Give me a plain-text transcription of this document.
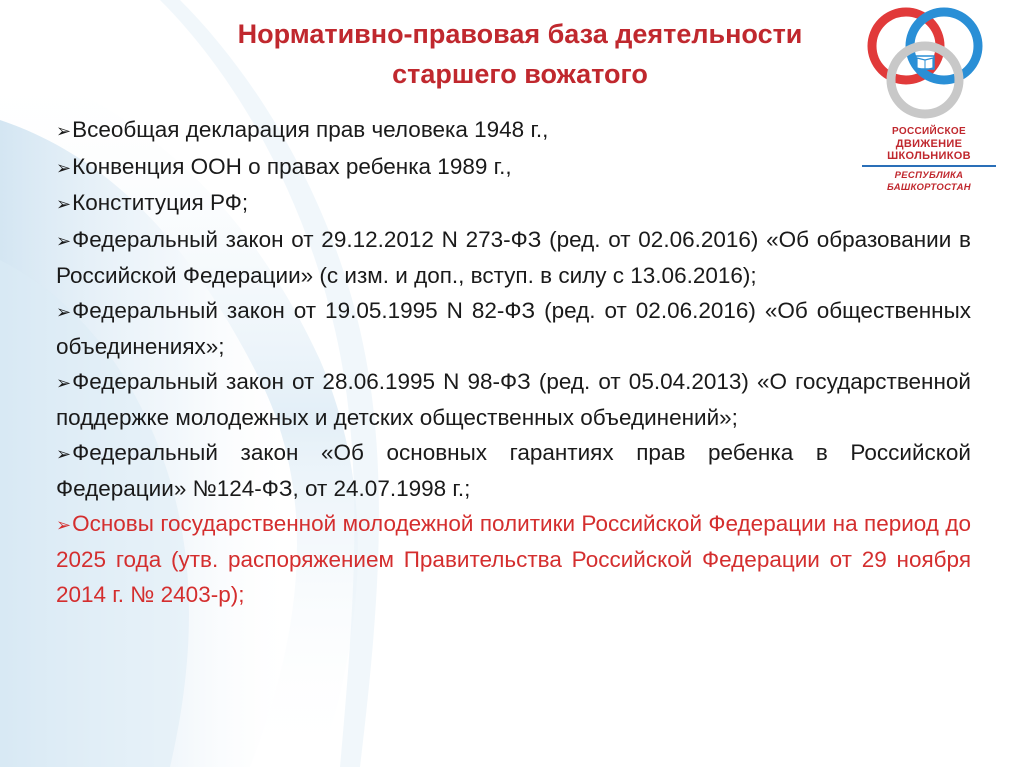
Нормативно-правовая база деятельности
старшего вожатого
РОССИЙСКОЕ
ДВИЖЕНИЕ ШКОЛЬНИКОВ
РЕСПУБЛИКА БАШКОРТОСТАН
➢Всеобщая декларация прав человека 1948 г.,
➢Конвенция ООН о правах ребенка 1989 г.,
➢Конституция РФ;
➢Федеральный закон от 29.12.2012 N 273-ФЗ (ред. от 02.06.2016) «Об образовании в Российской Федерации» (с изм. и доп., вступ. в силу с 13.06.2016);
➢Федеральный закон от 19.05.1995 N 82-ФЗ (ред. от 02.06.2016) «Об общественных объединениях»;
➢Федеральный закон от 28.06.1995 N 98-ФЗ (ред. от 05.04.2013) «О государственной поддержке молодежных и детских общественных объединений»;
➢Федеральный закон «Об основных гарантиях прав ребенка в Российской Федерации» №124-ФЗ, от 24.07.1998 г.;
➢Основы государственной молодежной политики Российской Федерации на период до 2025 года (утв. распоряжением Правительства Российской Федерации от 29 ноября 2014 г. № 2403-р);
